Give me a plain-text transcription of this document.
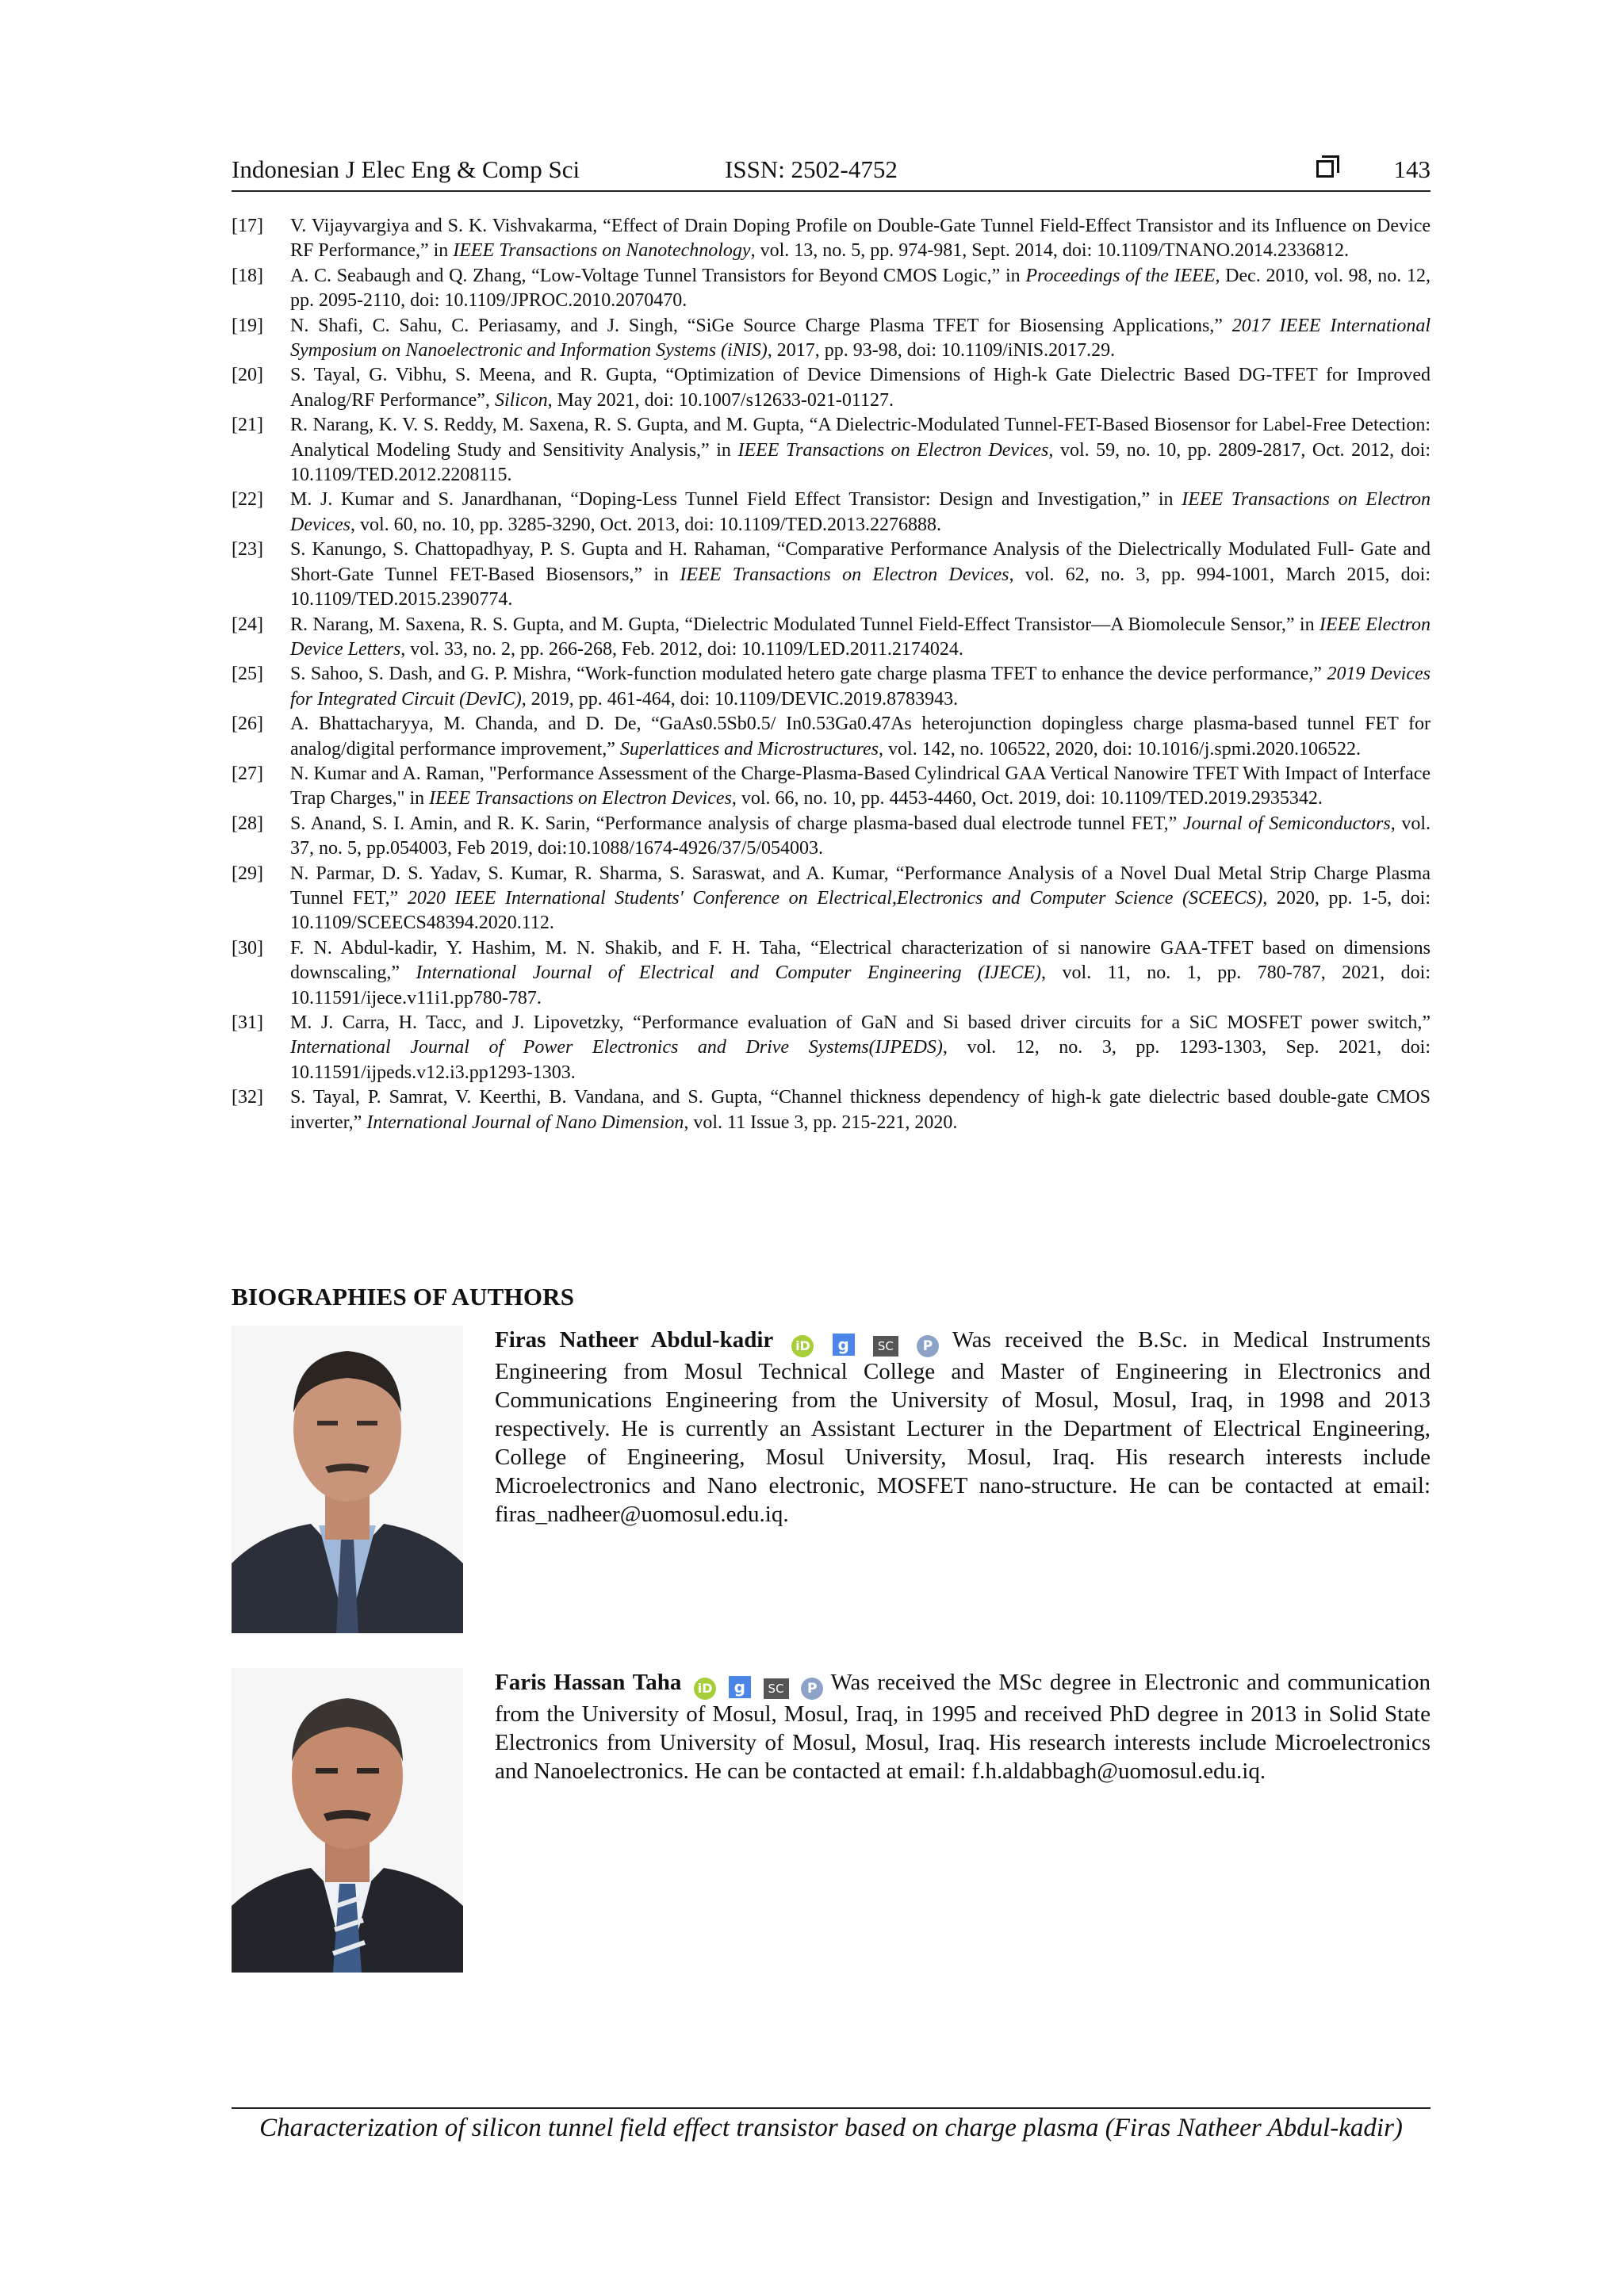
Indonesian J Elec Eng & Comp Sci	ISSN: 2502-4752	143
[17] V. Vijayvargiya and S. K. Vishvakarma, “Effect of Drain Doping Profile on Double-Gate Tunnel Field-Effect Transistor and its Influence on Device RF Performance,” in IEEE Transactions on Nanotechnology, vol. 13, no. 5, pp. 974-981, Sept. 2014, doi: 10.1109/TNANO.2014.2336812.
[18] A. C. Seabaugh and Q. Zhang, “Low-Voltage Tunnel Transistors for Beyond CMOS Logic,” in Proceedings of the IEEE, Dec. 2010, vol. 98, no. 12, pp. 2095-2110, doi: 10.1109/JPROC.2010.2070470.
[19] N. Shafi, C. Sahu, C. Periasamy, and J. Singh, “SiGe Source Charge Plasma TFET for Biosensing Applications,” 2017 IEEE International Symposium on Nanoelectronic and Information Systems (iNIS), 2017, pp. 93-98, doi: 10.1109/iNIS.2017.29.
[20] S. Tayal, G. Vibhu, S. Meena, and R. Gupta, “Optimization of Device Dimensions of High-k Gate Dielectric Based DG-TFET for Improved Analog/RF Performance”, Silicon, May 2021, doi: 10.1007/s12633-021-01127.
[21] R. Narang, K. V. S. Reddy, M. Saxena, R. S. Gupta, and M. Gupta, “A Dielectric-Modulated Tunnel-FET-Based Biosensor for Label-Free Detection: Analytical Modeling Study and Sensitivity Analysis,” in IEEE Transactions on Electron Devices, vol. 59, no. 10, pp. 2809-2817, Oct. 2012, doi: 10.1109/TED.2012.2208115.
[22] M. J. Kumar and S. Janardhanan, “Doping-Less Tunnel Field Effect Transistor: Design and Investigation,” in IEEE Transactions on Electron Devices, vol. 60, no. 10, pp. 3285-3290, Oct. 2013, doi: 10.1109/TED.2013.2276888.
[23] S. Kanungo, S. Chattopadhyay, P. S. Gupta and H. Rahaman, “Comparative Performance Analysis of the Dielectrically Modulated Full- Gate and Short-Gate Tunnel FET-Based Biosensors,” in IEEE Transactions on Electron Devices, vol. 62, no. 3, pp. 994-1001, March 2015, doi: 10.1109/TED.2015.2390774.
[24] R. Narang, M. Saxena, R. S. Gupta, and M. Gupta, “Dielectric Modulated Tunnel Field-Effect Transistor—A Biomolecule Sensor,” in IEEE Electron Device Letters, vol. 33, no. 2, pp. 266-268, Feb. 2012, doi: 10.1109/LED.2011.2174024.
[25] S. Sahoo, S. Dash, and G. P. Mishra, “Work-function modulated hetero gate charge plasma TFET to enhance the device performance,” 2019 Devices for Integrated Circuit (DevIC), 2019, pp. 461-464, doi: 10.1109/DEVIC.2019.8783943.
[26] A. Bhattacharyya, M. Chanda, and D. De, “GaAs0.5Sb0.5/ In0.53Ga0.47As heterojunction dopingless charge plasma-based tunnel FET for analog/digital performance improvement,” Superlattices and Microstructures, vol. 142, no. 106522, 2020, doi: 10.1016/j.spmi.2020.106522.
[27] N. Kumar and A. Raman, "Performance Assessment of the Charge-Plasma-Based Cylindrical GAA Vertical Nanowire TFET With Impact of Interface Trap Charges," in IEEE Transactions on Electron Devices, vol. 66, no. 10, pp. 4453-4460, Oct. 2019, doi: 10.1109/TED.2019.2935342.
[28] S. Anand, S. I. Amin, and R. K. Sarin, “Performance analysis of charge plasma-based dual electrode tunnel FET,” Journal of Semiconductors, vol. 37, no. 5, pp.054003, Feb 2019, doi:10.1088/1674-4926/37/5/054003.
[29] N. Parmar, D. S. Yadav, S. Kumar, R. Sharma, S. Saraswat, and A. Kumar, “Performance Analysis of a Novel Dual Metal Strip Charge Plasma Tunnel FET,” 2020 IEEE International Students' Conference on Electrical,Electronics and Computer Science (SCEECS), 2020, pp. 1-5, doi: 10.1109/SCEECS48394.2020.112.
[30] F. N. Abdul-kadir, Y. Hashim, M. N. Shakib, and F. H. Taha, “Electrical characterization of si nanowire GAA-TFET based on dimensions downscaling,” International Journal of Electrical and Computer Engineering (IJECE), vol. 11, no. 1, pp. 780-787, 2021, doi: 10.11591/ijece.v11i1.pp780-787.
[31] M. J. Carra, H. Tacc, and J. Lipovetzky, “Performance evaluation of GaN and Si based driver circuits for a SiC MOSFET power switch,” International Journal of Power Electronics and Drive Systems(IJPEDS), vol. 12, no. 3, pp. 1293-1303, Sep. 2021, doi: 10.11591/ijpeds.v12.i3.pp1293-1303.
[32] S. Tayal, P. Samrat, V. Keerthi, B. Vandana, and S. Gupta, “Channel thickness dependency of high-k gate dielectric based double-gate CMOS inverter,” International Journal of Nano Dimension, vol. 11 Issue 3, pp. 215-221, 2020.
BIOGRAPHIES OF AUTHORS
Firas Natheer Abdul-kadir iD g SC P Was received the B.Sc. in Medical Instruments Engineering from Mosul Technical College and Master of Engineering in Electronics and Communications Engineering from the University of Mosul, Mosul, Iraq, in 1998 and 2013 respectively. He is currently an Assistant Lecturer in the Department of Electrical Engineering, College of Engineering, Mosul University, Mosul, Iraq. His research interests include Microelectronics and Nano electronic, MOSFET nano-structure. He can be contacted at email: firas_nadheer@uomosul.edu.iq.
Faris Hassan Taha iD g SC P Was received the MSc degree in Electronic and communication from the University of Mosul, Mosul, Iraq, in 1995 and received PhD degree in 2013 in Solid State Electronics from University of Mosul, Mosul, Iraq. His research interests include Microelectronics and Nanoelectronics. He can be contacted at email: f.h.aldabbagh@uomosul.edu.iq.
Characterization of silicon tunnel field effect transistor based on charge plasma (Firas Natheer Abdul-kadir)
